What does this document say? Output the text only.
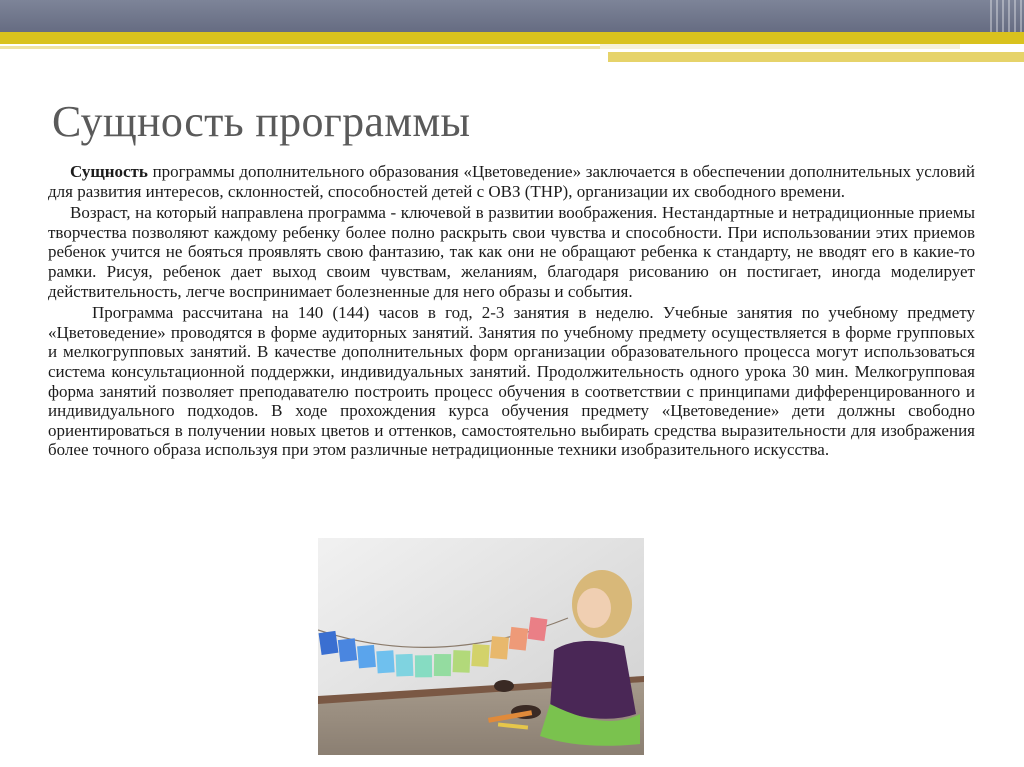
Сущность программы

Сущность программы дополнительного образования «Цветоведение» заключается в обеспечении дополнительных условий для развития интересов, склонностей, способностей детей с ОВЗ (ТНР), организации их свободного времени.

Возраст, на который направлена программа - ключевой в развитии воображения. Нестандартные и нетрадиционные приемы творчества позволяют каждому ребенку более полно раскрыть свои чувства и способности. При использовании этих приемов ребенок учится не бояться проявлять свою фантазию, так как они не обращают ребенка к стандарту, не вводят его в какие-то рамки. Рисуя, ребенок дает выход своим чувствам, желаниям, благодаря рисованию он постигает, иногда моделирует действительность, легче воспринимает болезненные для него образы и события.

Программа рассчитана на 140 (144) часов в год, 2-3 занятия в неделю. Учебные занятия по учебному предмету «Цветоведение» проводятся в форме аудиторных занятий. Занятия по учебному предмету осуществляется в форме групповых и мелкогрупповых занятий. В качестве дополнительных форм организации образовательного процесса могут использоваться система консультационной поддержки, индивидуальных занятий. Продолжительность одного урока 30 мин. Мелкогрупповая форма занятий позволяет преподавателю построить процесс обучения в соответствии с принципами дифференцированного и индивидуального подходов. В ходе прохождения курса обучения предмету «Цветоведение» дети должны свободно ориентироваться в получении новых цветов и оттенков, самостоятельно выбирать средства выразительности для изображения более точного образа используя при этом различные нетрадиционные техники изобразительного искусства.
